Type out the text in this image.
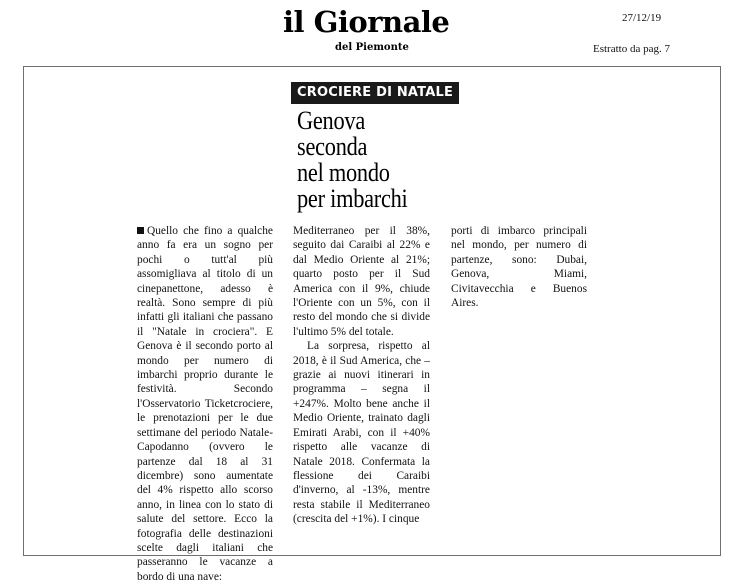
il Giornale
del Piemonte
27/12/19
Estratto da pag. 7
CROCIERE DI NATALE
Genova
seconda
nel mondo
per imbarchi

Quello che fino a qualche anno fa era un sogno per pochi o tutt'al più assomigliava al titolo di un cinepanettone, adesso è realtà. Sono sempre di più infatti gli italiani che passano il "Natale in crociera". E Genova è il secondo porto al mondo per numero di imbarchi proprio durante le festività. Secondo l'Osservatorio Ticketcrociere, le prenotazioni per le due settimane del periodo Natale-Capodanno (ovvero le partenze dal 18 al 31 dicembre) sono aumentate del 4% rispetto allo scorso anno, in linea con lo stato di salute del settore. Ecco la fotografia delle destinazioni scelte dagli italiani che passeranno le vacanze a bordo di una nave:

Mediterraneo per il 38%, seguito dai Caraibi al 22% e dal Medio Oriente al 21%; quarto posto per il Sud America con il 9%, chiude l'Oriente con un 5%, con il resto del mondo che si divide l'ultimo 5% del totale.

La sorpresa, rispetto al 2018, è il Sud America, che – grazie ai nuovi itinerari in programma – segna il +247%. Molto bene anche il Medio Oriente, trainato dagli Emirati Arabi, con il +40% rispetto alle vacanze di Natale 2018. Confermata la flessione dei Caraibi d'inverno, al -13%, mentre resta stabile il Mediterraneo (crescita del +1%). I cinque

porti di imbarco principali nel mondo, per numero di partenze, sono: Dubai, Genova, Miami, Civitavecchia e Buenos Aires.
